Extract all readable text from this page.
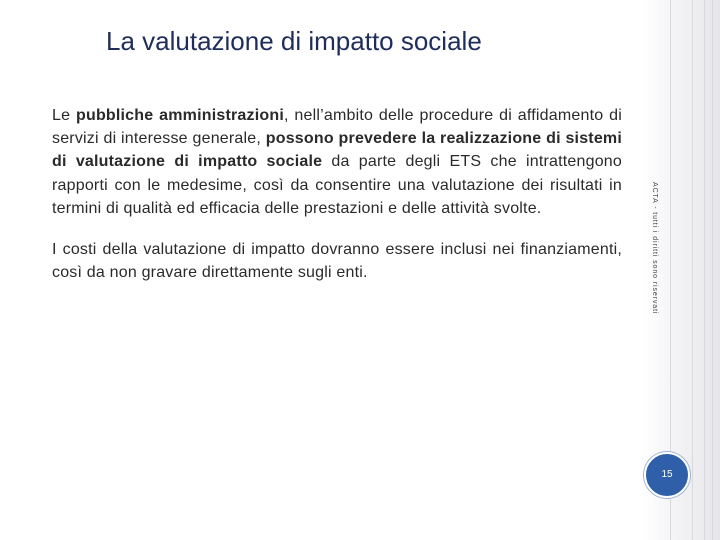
La valutazione di impatto sociale

Le pubbliche amministrazioni, nell’ambito delle procedure di affidamento di servizi di interesse generale, possono prevedere la realizzazione di sistemi di valutazione di impatto sociale da parte degli ETS che intrattengono rapporti con le medesime, così da consentire una valutazione dei risultati in termini di qualità ed efficacia delle prestazioni e delle attività svolte.

I costi della valutazione di impatto dovranno essere inclusi nei finanziamenti, così da non gravare direttamente sugli enti.	ACTA - tutti i diritti sono riservati
15
